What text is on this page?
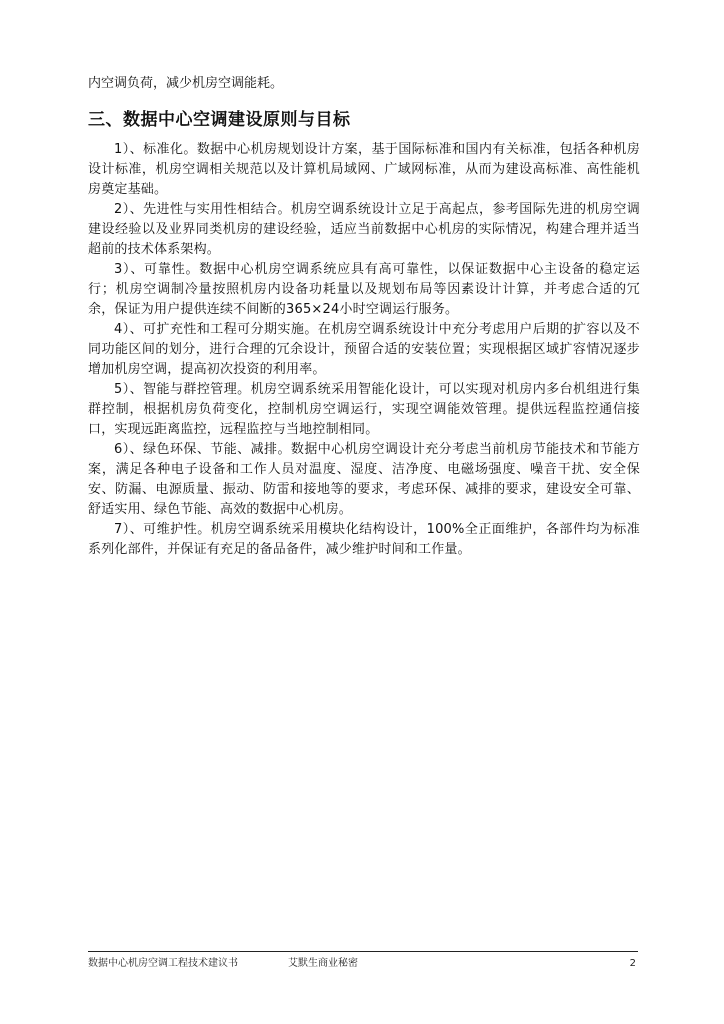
内空调负荷，减少机房空调能耗。
三、数据中心空调建设原则与目标

1）、标准化。数据中心机房规划设计方案，基于国际标准和国内有关标准，包括各种机房设计标准，机房空调相关规范以及计算机局域网、广域网标准，从而为建设高标准、高性能机房奠定基础。

2）、先进性与实用性相结合。机房空调系统设计立足于高起点，参考国际先进的机房空调建设经验以及业界同类机房的建设经验，适应当前数据中心机房的实际情况，构建合理并适当超前的技术体系架构。

3）、可靠性。数据中心机房空调系统应具有高可靠性，以保证数据中心主设备的稳定运行；机房空调制冷量按照机房内设备功耗量以及规划布局等因素设计计算，并考虑合适的冗余，保证为用户提供连续不间断的365×24小时空调运行服务。

4）、可扩充性和工程可分期实施。在机房空调系统设计中充分考虑用户后期的扩容以及不同功能区间的划分，进行合理的冗余设计，预留合适的安装位置；实现根据区域扩容情况逐步增加机房空调，提高初次投资的利用率。

5）、智能与群控管理。机房空调系统采用智能化设计，可以实现对机房内多台机组进行集群控制，根据机房负荷变化，控制机房空调运行，实现空调能效管理。提供远程监控通信接口，实现远距离监控，远程监控与当地控制相同。

6）、绿色环保、节能、减排。数据中心机房空调设计充分考虑当前机房节能技术和节能方案，满足各种电子设备和工作人员对温度、湿度、洁净度、电磁场强度、噪音干扰、安全保安、防漏、电源质量、振动、防雷和接地等的要求，考虑环保、减排的要求，建设安全可靠、舒适实用、绿色节能、高效的数据中心机房。

7）、可维护性。机房空调系统采用模块化结构设计，100%全正面维护，各部件均为标准系列化部件，并保证有充足的备品备件，减少维护时间和工作量。

数据中心机房空调工程技术建议书	艾默生商业秘密	2
